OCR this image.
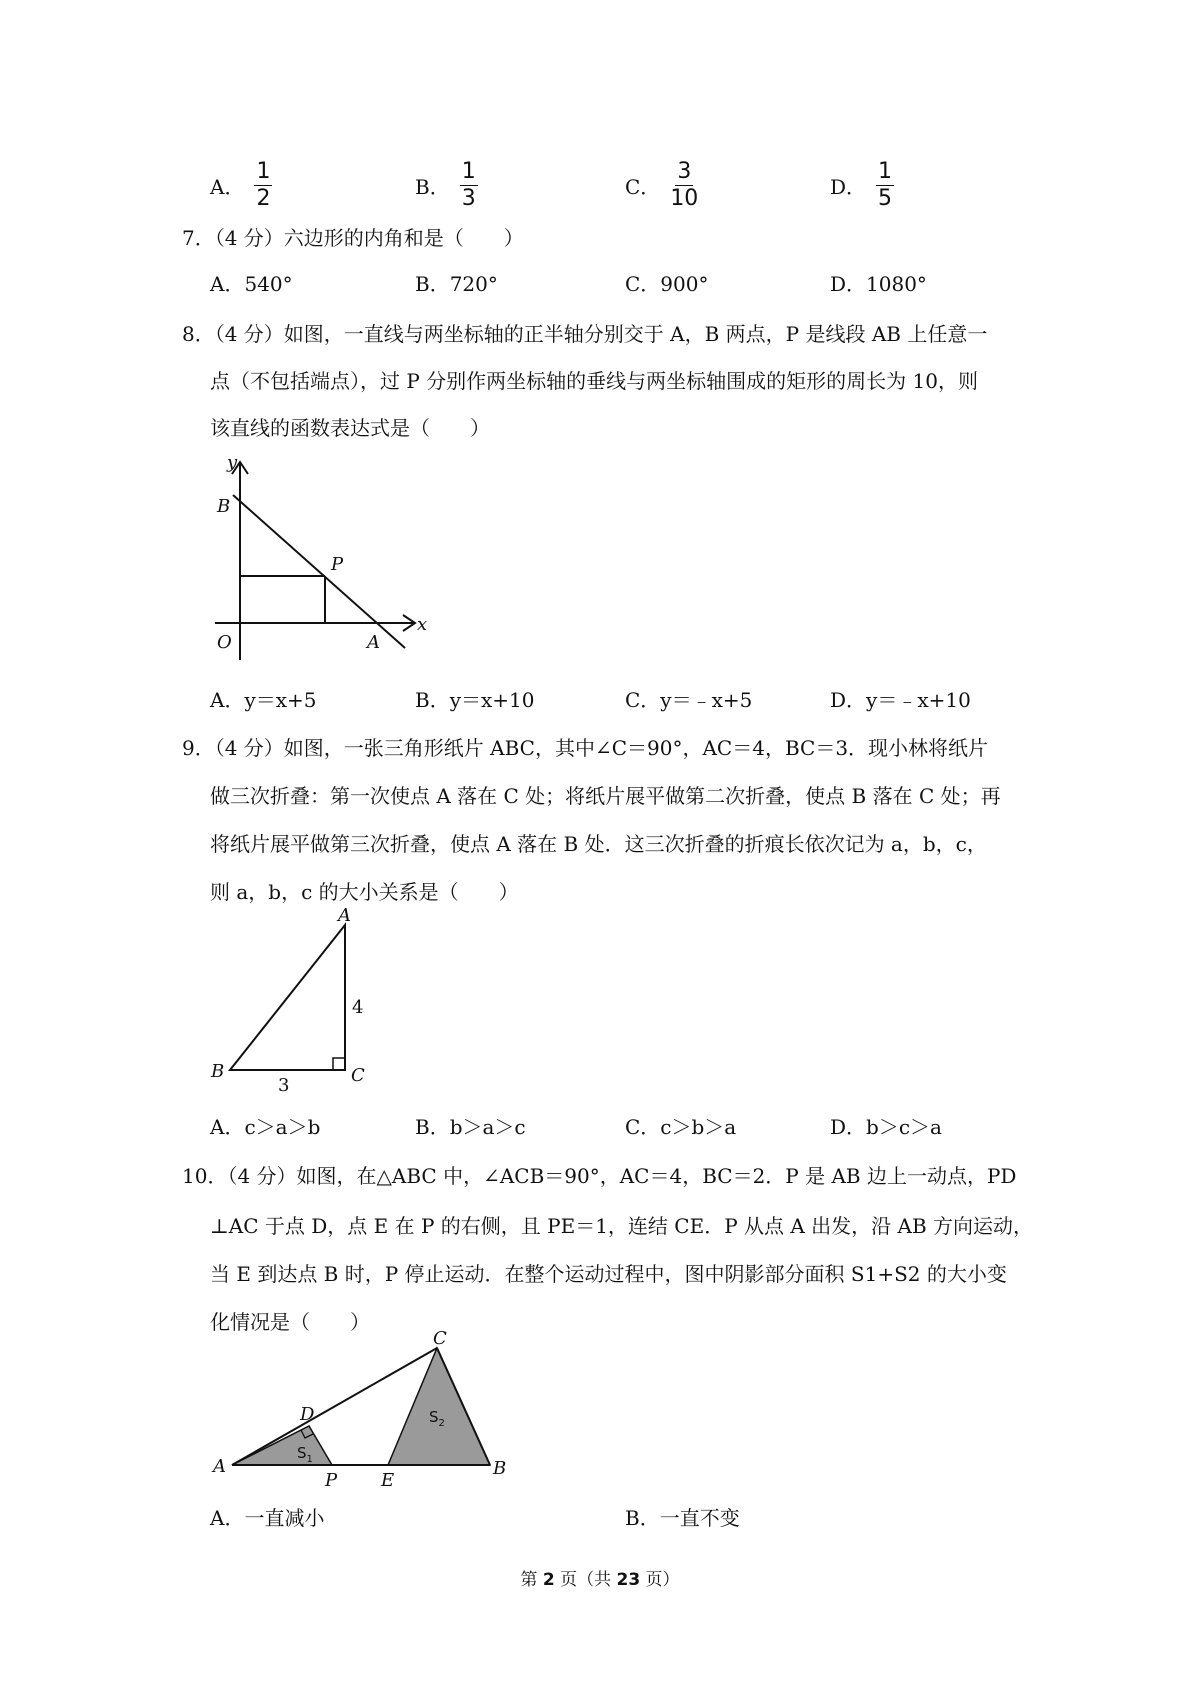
A． $\frac{1}{2}$	B． $\frac{1}{3}$	C． $\frac{3}{10}$	D． $\frac{1}{5}$
7．（4 分）六边形的内角和是（　　）
A．540°	B．720°	C．900°	D．1080°
8．（4 分）如图，一直线与两坐标轴的正半轴分别交于 A，B 两点，P 是线段 AB 上任意一
点（不包括端点），过 P 分别作两坐标轴的垂线与两坐标轴围成的矩形的周长为 10，则
该直线的函数表达式是（　　）
y
x
B
P
O	A
A．y＝x+5	B．y＝x+10	C．y＝﹣x+5	D．y＝﹣x+10
9．（4 分）如图，一张三角形纸片 ABC，其中∠C＝90°，AC＝4，BC＝3．现小林将纸片
做三次折叠：第一次使点 A 落在 C 处；将纸片展平做第二次折叠，使点 B 落在 C 处；再
将纸片展平做第三次折叠，使点 A 落在 B 处．这三次折叠的折痕长依次记为 a，b，c，
则 a，b，c 的大小关系是（　　）
A
B	C
4
3
A．c＞a＞b	B．b＞a＞c	C．c＞b＞a	D．b＞c＞a
10．（4 分）如图，在△ABC 中，∠ACB＝90°，AC＝4，BC＝2．P 是 AB 边上一动点，PD
⊥AC 于点 D，点 E 在 P 的右侧，且 PE＝1，连结 CE．P 从点 A 出发，沿 AB 方向运动，
当 E 到达点 B 时，P 停止运动．在整个运动过程中，图中阴影部分面积 S1+S2 的大小变
化情况是（　　）
C
D
A
P E
B
$S_1$
$S_2$
A．一直减小	B．一直不变
第 2 页（共 23 页）
